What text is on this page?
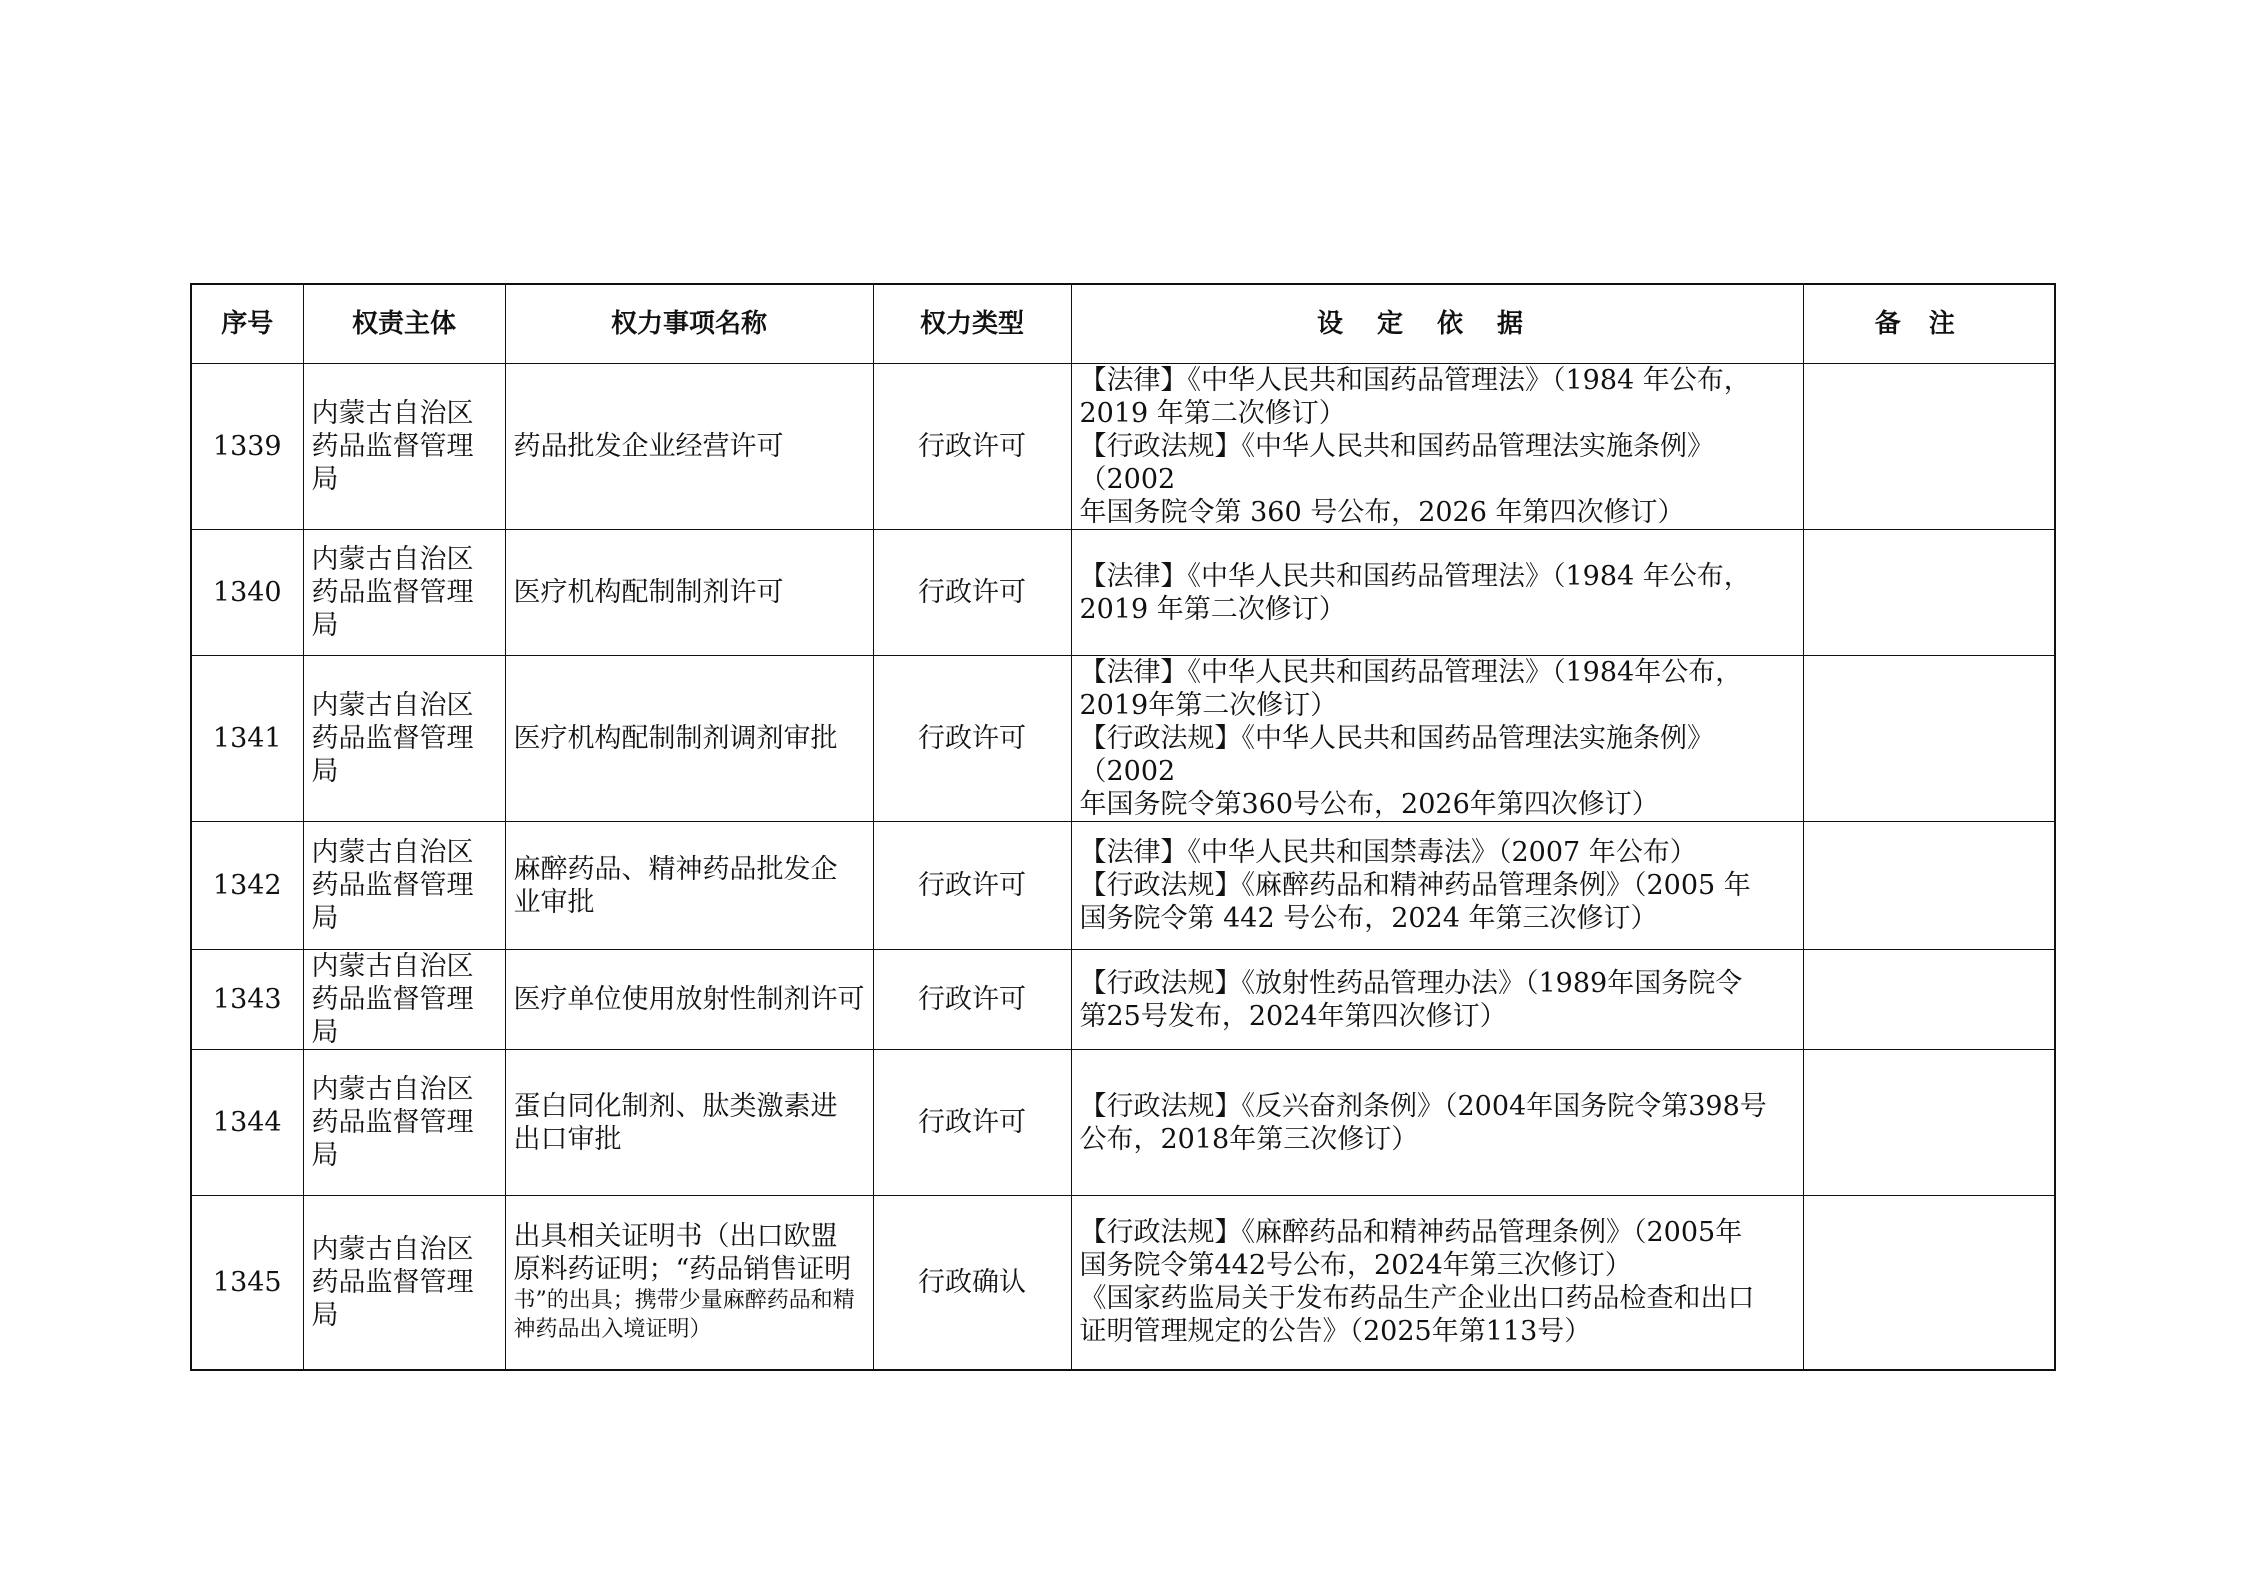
序号	权责主体	权力事项名称	权力类型	设定依据	备注
1339	内蒙古自治区药品监督管理局	药品批发企业经营许可	行政许可	【法律】《中华人民共和国药品管理法》（1984 年公布，
2019 年第二次修订）
【行政法规】《中华人民共和国药品管理法实施条例》（2002
年国务院令第 360 号公布，2026 年第四次修订）	

1340	内蒙古自治区药品监督管理局	医疗机构配制制剂许可	行政许可	【法律】《中华人民共和国药品管理法》（1984 年公布，
2019 年第二次修订）	

1341	内蒙古自治区药品监督管理局	医疗机构配制制剂调剂审批	行政许可	【法律】《中华人民共和国药品管理法》（1984年公布，
2019年第二次修订）
【行政法规】《中华人民共和国药品管理法实施条例》（2002
年国务院令第360号公布，2026年第四次修订）	

1342	内蒙古自治区药品监督管理局	麻醉药品、精神药品批发企
业审批	行政许可	【法律】《中华人民共和国禁毒法》（2007 年公布）
【行政法规】《麻醉药品和精神药品管理条例》（2005 年
国务院令第 442 号公布，2024 年第三次修订）	

1343	内蒙古自治区药品监督管理局	医疗单位使用放射性制剂许可	行政许可	【行政法规】《放射性药品管理办法》（1989年国务院令
第25号发布，2024年第四次修订）	

1344	内蒙古自治区药品监督管理局	蛋白同化制剂、肽类激素进
出口审批	行政许可	【行政法规】《反兴奋剂条例》（2004年国务院令第398号
公布，2018年第三次修订）	

1345	内蒙古自治区药品监督管理局	出具相关证明书（出口欧盟
原料药证明；“药品销售证明
书”的出具；携带少量麻醉药品和精
神药品出入境证明）	行政确认	【行政法规】《麻醉药品和精神药品管理条例》（2005年
国务院令第442号公布，2024年第三次修订）
《国家药监局关于发布药品生产企业出口药品检查和出口
证明管理规定的公告》（2025年第113号）	
